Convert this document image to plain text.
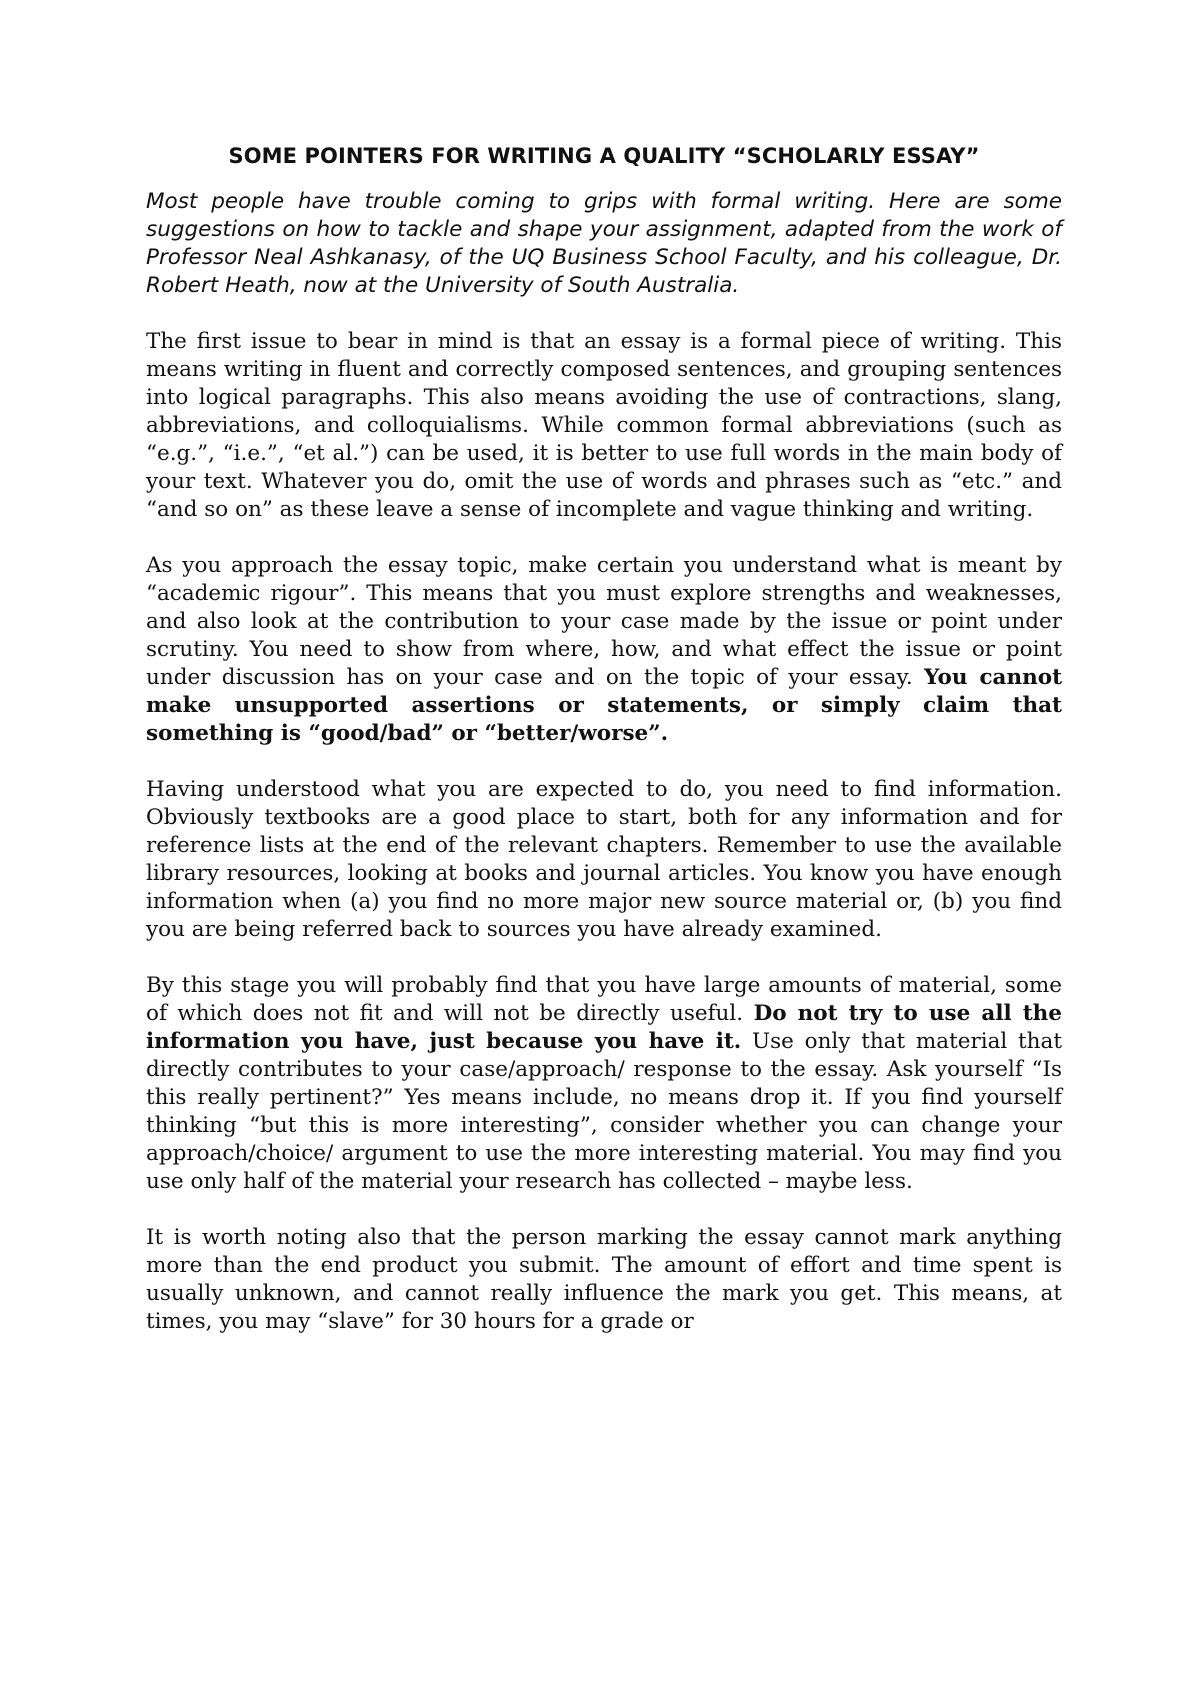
SOME POINTERS FOR WRITING A QUALITY “SCHOLARLY ESSAY”
Most people have trouble coming to grips with formal writing. Here are some suggestions on how to tackle and shape your assignment, adapted from the work of Professor Neal Ashkanasy, of the UQ Business School Faculty, and his colleague, Dr. Robert Heath, now at the University of South Australia.
The first issue to bear in mind is that an essay is a formal piece of writing. This means writing in fluent and correctly composed sentences, and grouping sentences into logical paragraphs. This also means avoiding the use of contractions, slang, abbreviations, and colloquialisms. While common formal abbreviations (such as “e.g.”, “i.e.”, “et al.”) can be used, it is better to use full words in the main body of your text. Whatever you do, omit the use of words and phrases such as “etc.” and “and so on” as these leave a sense of incomplete and vague thinking and writing.
As you approach the essay topic, make certain you understand what is meant by “academic rigour”. This means that you must explore strengths and weaknesses, and also look at the contribution to your case made by the issue or point under scrutiny. You need to show from where, how, and what effect the issue or point under discussion has on your case and on the topic of your essay. You cannot make unsupported assertions or statements, or simply claim that something is “good/bad” or “better/worse”.
Having understood what you are expected to do, you need to find information. Obviously textbooks are a good place to start, both for any information and for reference lists at the end of the relevant chapters. Remember to use the available library resources, looking at books and journal articles. You know you have enough information when (a) you find no more major new source material or, (b) you find you are being referred back to sources you have already examined.
By this stage you will probably find that you have large amounts of material, some of which does not fit and will not be directly useful. Do not try to use all the information you have, just because you have it. Use only that material that directly contributes to your case/approach/ response to the essay. Ask yourself “Is this really pertinent?” Yes means include, no means drop it. If you find yourself thinking “but this is more interesting”, consider whether you can change your approach/choice/ argument to use the more interesting material. You may find you use only half of the material your research has collected – maybe less.
It is worth noting also that the person marking the essay cannot mark anything more than the end product you submit. The amount of effort and time spent is usually unknown, and cannot really influence the mark you get. This means, at times, you may “slave” for 30 hours for a grade or
